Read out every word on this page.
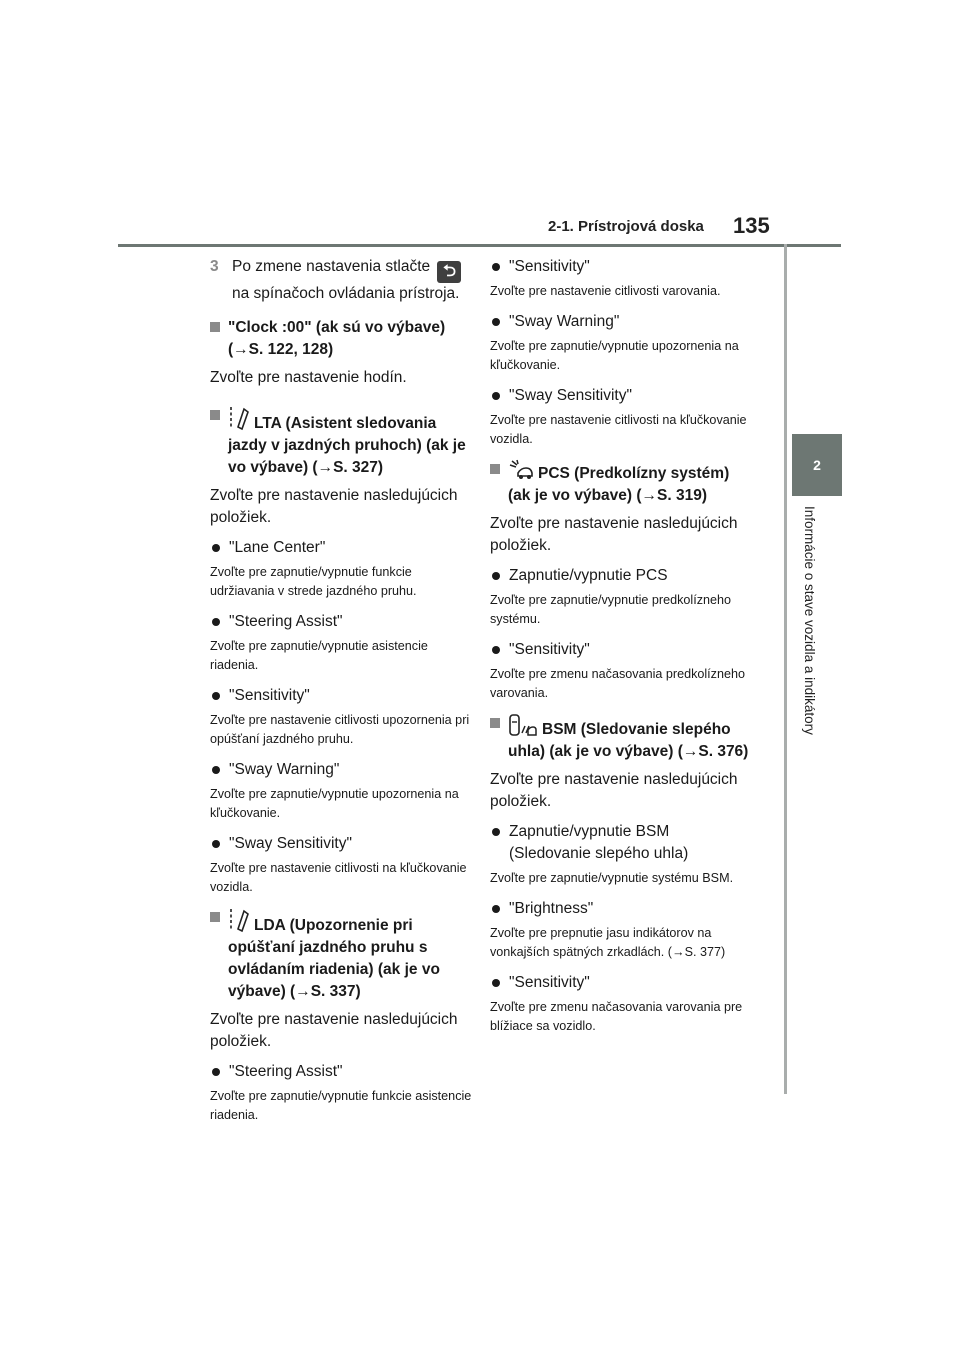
2-1. Prístrojová doska 135
2
Informácie o stave vozidla a indikátory
3 Po zmene nastavenia stlačte ⮌
na spínačoch ovládania prístroja.
"Clock :00" (ak sú vo výbave) (→S. 122, 128)
Zvoľte pre nastavenie hodín.
LTA (Asistent sledovania jazdy v jazdných pruhoch) (ak je vo výbave) (→S. 327)
Zvoľte pre nastavenie nasledujúcich položiek.
"Lane Center"
Zvoľte pre zapnutie/vypnutie funkcie udržiavania v strede jazdného pruhu.
"Steering Assist"
Zvoľte pre zapnutie/vypnutie asistencie riadenia.
"Sensitivity"
Zvoľte pre nastavenie citlivosti upozornenia pri opúšťaní jazdného pruhu.
"Sway Warning"
Zvoľte pre zapnutie/vypnutie upozornenia na kľučkovanie.
"Sway Sensitivity"
Zvoľte pre nastavenie citlivosti na kľučkovanie vozidla.
LDA (Upozornenie pri opúšťaní jazdného pruhu s ovládaním riadenia) (ak je vo výbave) (→S. 337)
Zvoľte pre nastavenie nasledujúcich položiek.
"Steering Assist"
Zvoľte pre zapnutie/vypnutie funkcie asistencie riadenia.
"Sensitivity"
Zvoľte pre nastavenie citlivosti varovania.
"Sway Warning"
Zvoľte pre zapnutie/vypnutie upozornenia na kľučkovanie.
"Sway Sensitivity"
Zvoľte pre nastavenie citlivosti na kľučkovanie vozidla.
PCS (Predkolízny systém) (ak je vo výbave) (→S. 319)
Zvoľte pre nastavenie nasledujúcich položiek.
Zapnutie/vypnutie PCS
Zvoľte pre zapnutie/vypnutie predkolízneho systému.
"Sensitivity"
Zvoľte pre zmenu načasovania predkolízneho varovania.
BSM (Sledovanie slepého uhla) (ak je vo výbave) (→S. 376)
Zvoľte pre nastavenie nasledujúcich položiek.
Zapnutie/vypnutie BSM (Sledovanie slepého uhla)
Zvoľte pre zapnutie/vypnutie systému BSM.
"Brightness"
Zvoľte pre prepnutie jasu indikátorov na vonkajších spätných zrkadlách. (→S. 377)
"Sensitivity"
Zvoľte pre zmenu načasovania varovania pre blížiace sa vozidlo.
